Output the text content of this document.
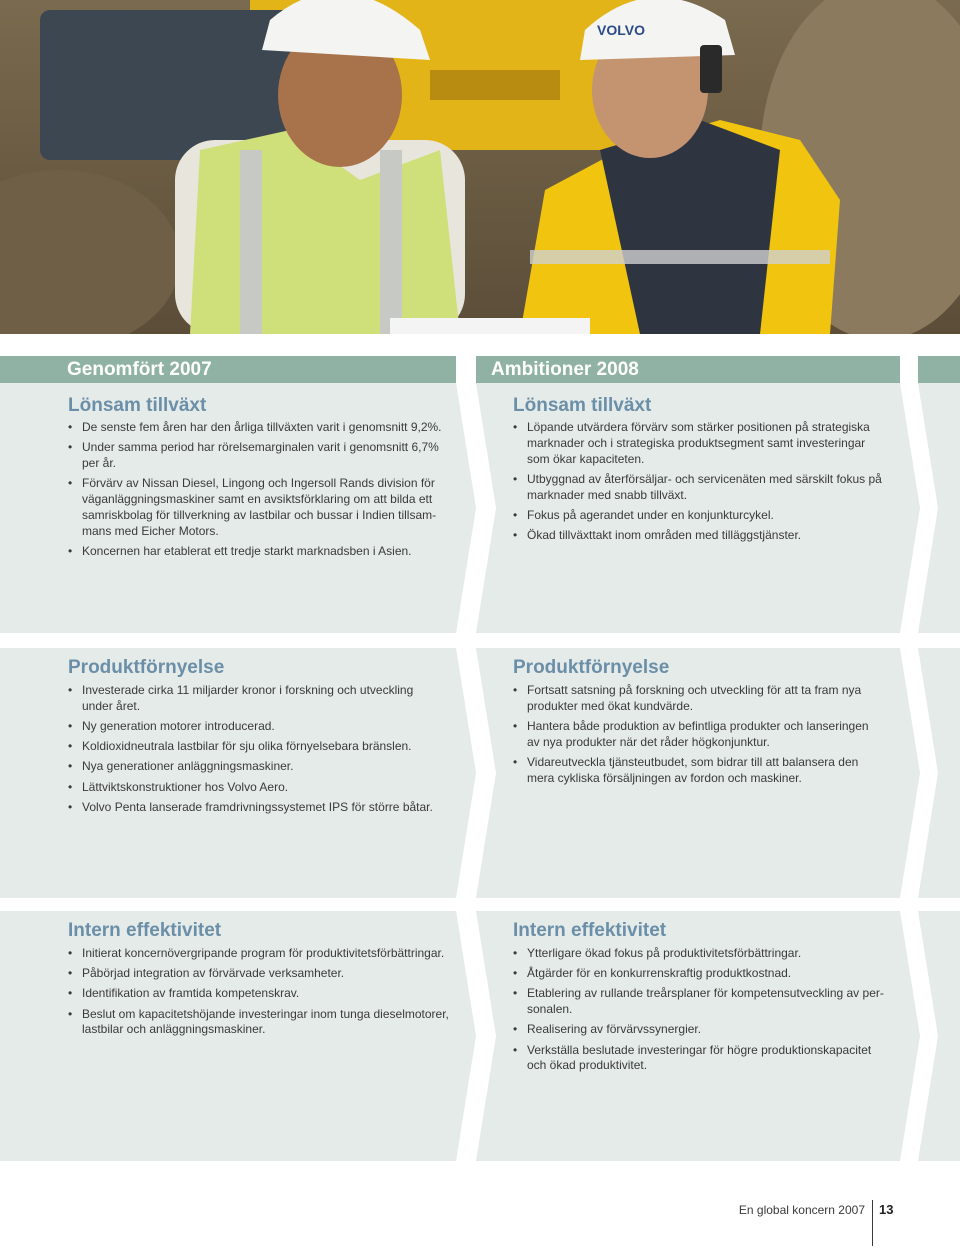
VOLVO
Genomfört 2007	Ambitioner 2008
Lönsam tillväxt
• De senste fem åren har den årliga tillväxten varit i genomsnitt 9,2%.
• Under samma period har rörelsemarginalen varit i genomsnitt 6,7% per år.
• Förvärv av Nissan Diesel, Lingong och Ingersoll Rands division för väganläggningsmaskiner samt en avsiktsförklaring om att bilda ett samriskbolag för tillverkning av lastbilar och bussar i Indien tillsam-mans med Eicher Motors.
• Koncernen har etablerat ett tredje starkt marknadsben i Asien.
Lönsam tillväxt
• Löpande utvärdera förvärv som stärker positionen på strategiska marknader och i strategiska produktsegment samt investeringar som ökar kapaciteten.
• Utbyggnad av återförsäljar- och servicenäten med särskilt fokus på marknader med snabb tillväxt.
• Fokus på agerandet under en konjunkturcykel.
• Ökad tillväxttakt inom områden med tilläggstjänster.
Produktförnyelse
• Investerade cirka 11 miljarder kronor i forskning och utveckling under året.
• Ny generation motorer introducerad.
• Koldioxidneutrala lastbilar för sju olika förnyelsebara bränslen.
• Nya generationer anläggningsmaskiner.
• Lättviktskonstruktioner hos Volvo Aero.
• Volvo Penta lanserade framdrivningssystemet IPS för större båtar.
Produktförnyelse
• Fortsatt satsning på forskning och utveckling för att ta fram nya produkter med ökat kundvärde.
• Hantera både produktion av befintliga produkter och lanseringen av nya produkter när det råder högkonjunktur.
• Vidareutveckla tjänsteutbudet, som bidrar till att balansera den mera cykliska försäljningen av fordon och maskiner.
Intern effektivitet
• Initierat koncernövergripande program för produktivitetsförbättringar.
• Påbörjad integration av förvärvade verksamheter.
• Identifikation av framtida kompetenskrav.
• Beslut om kapacitetshöjande investeringar inom tunga dieselmotorer, lastbilar och anläggningsmaskiner.
Intern effektivitet
• Ytterligare ökad fokus på produktivitetsförbättringar.
• Åtgärder för en konkurrenskraftig produktkostnad.
• Etablering av rullande treårsplaner för kompetensutveckling av per-sonalen.
• Realisering av förvärvssynergier.
• Verkställa beslutade investeringar för högre produktionskapacitet och ökad produktivitet.
En global koncern 2007 13
